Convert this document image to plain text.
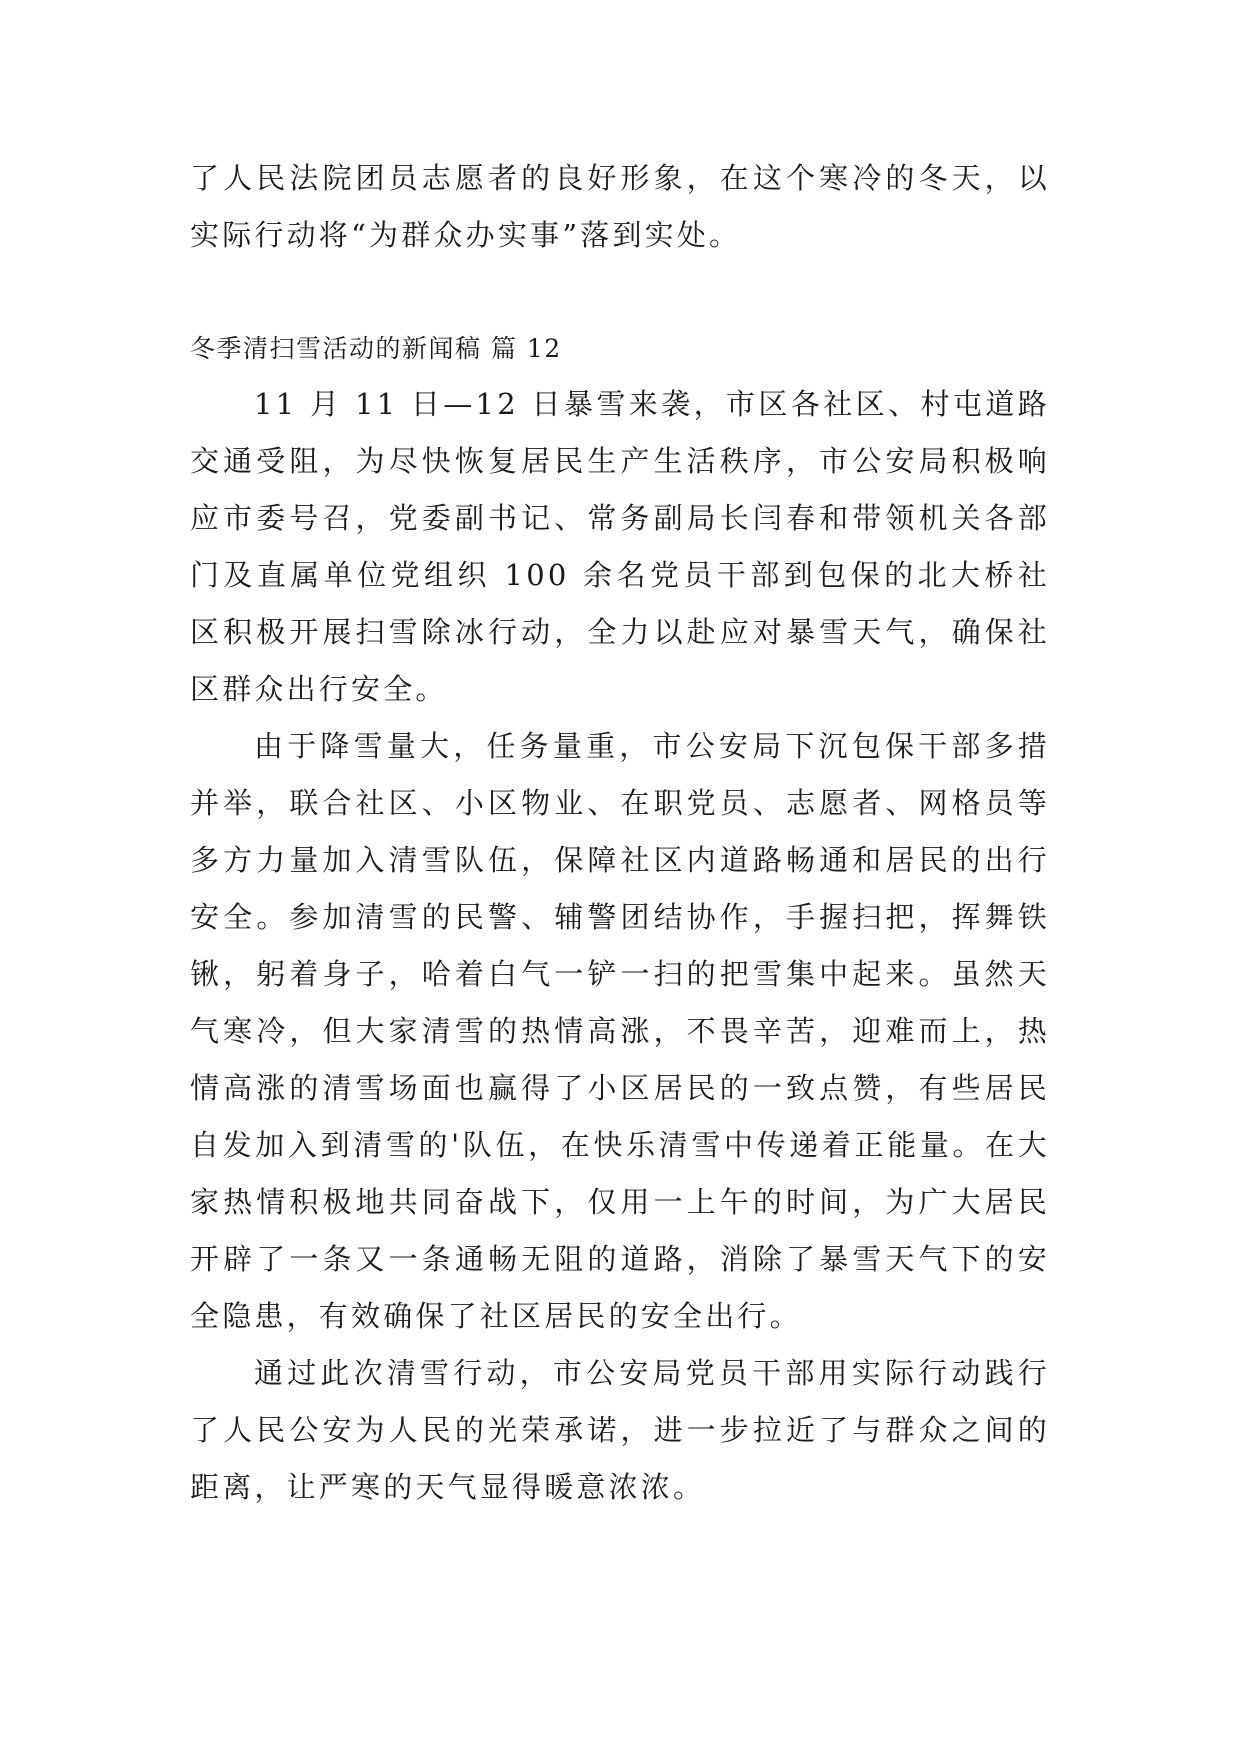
了人民法院团员志愿者的良好形象，在这个寒冷的冬天，以实际行动将“为群众办实事”落到实处。

冬季清扫雪活动的新闻稿 篇 12

11 月 11 日—12 日暴雪来袭，市区各社区、村屯道路交通受阻，为尽快恢复居民生产生活秩序，市公安局积极响应市委号召，党委副书记、常务副局长闫春和带领机关各部门及直属单位党组织 100 余名党员干部到包保的北大桥社区积极开展扫雪除冰行动，全力以赴应对暴雪天气，确保社区群众出行安全。

由于降雪量大，任务量重，市公安局下沉包保干部多措并举，联合社区、小区物业、在职党员、志愿者、网格员等多方力量加入清雪队伍，保障社区内道路畅通和居民的出行安全。参加清雪的民警、辅警团结协作，手握扫把，挥舞铁锹，躬着身子，哈着白气一铲一扫的把雪集中起来。虽然天气寒冷，但大家清雪的热情高涨，不畏辛苦，迎难而上，热情高涨的清雪场面也赢得了小区居民的一致点赞，有些居民自发加入到清雪的'队伍，在快乐清雪中传递着正能量。在大家热情积极地共同奋战下，仅用一上午的时间，为广大居民开辟了一条又一条通畅无阻的道路，消除了暴雪天气下的安全隐患，有效确保了社区居民的安全出行。

通过此次清雪行动，市公安局党员干部用实际行动践行了人民公安为人民的光荣承诺，进一步拉近了与群众之间的距离，让严寒的天气显得暖意浓浓。
